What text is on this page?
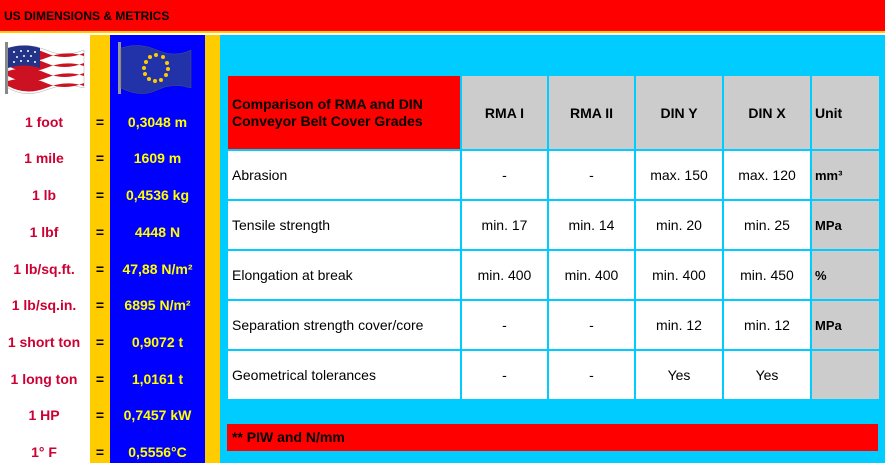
US DIMENSIONS & METRICS
1 foot	=	0,3048 m
1 mile	=	1609 m
1 lb	=	0,4536 kg
1 lbf	=	4448 N
1 lb/sq.ft.	=	47,88 N/m²
1 lb/sq.in.	=	6895 N/m²
1 short ton	=	0,9072 t
1 long ton	=	1,0161 t
1 HP	=	0,7457 kW
1° F	=	0,5556°C
Comparison of RMA and DIN
Conveyor Belt Cover Grades	RMA I	RMA II	DIN Y	DIN X	Unit
Abrasion	-	-	max. 150	max. 120	mm³
Tensile strength	min. 17	min. 14	min. 20	min. 25	MPa
Elongation at break	min. 400	min. 400	min. 400	min. 450	%
Separation strength cover/core	-	-	min. 12	min. 12	MPa
Geometrical tolerances	-	-	Yes	Yes	
** PIW and N/mm
